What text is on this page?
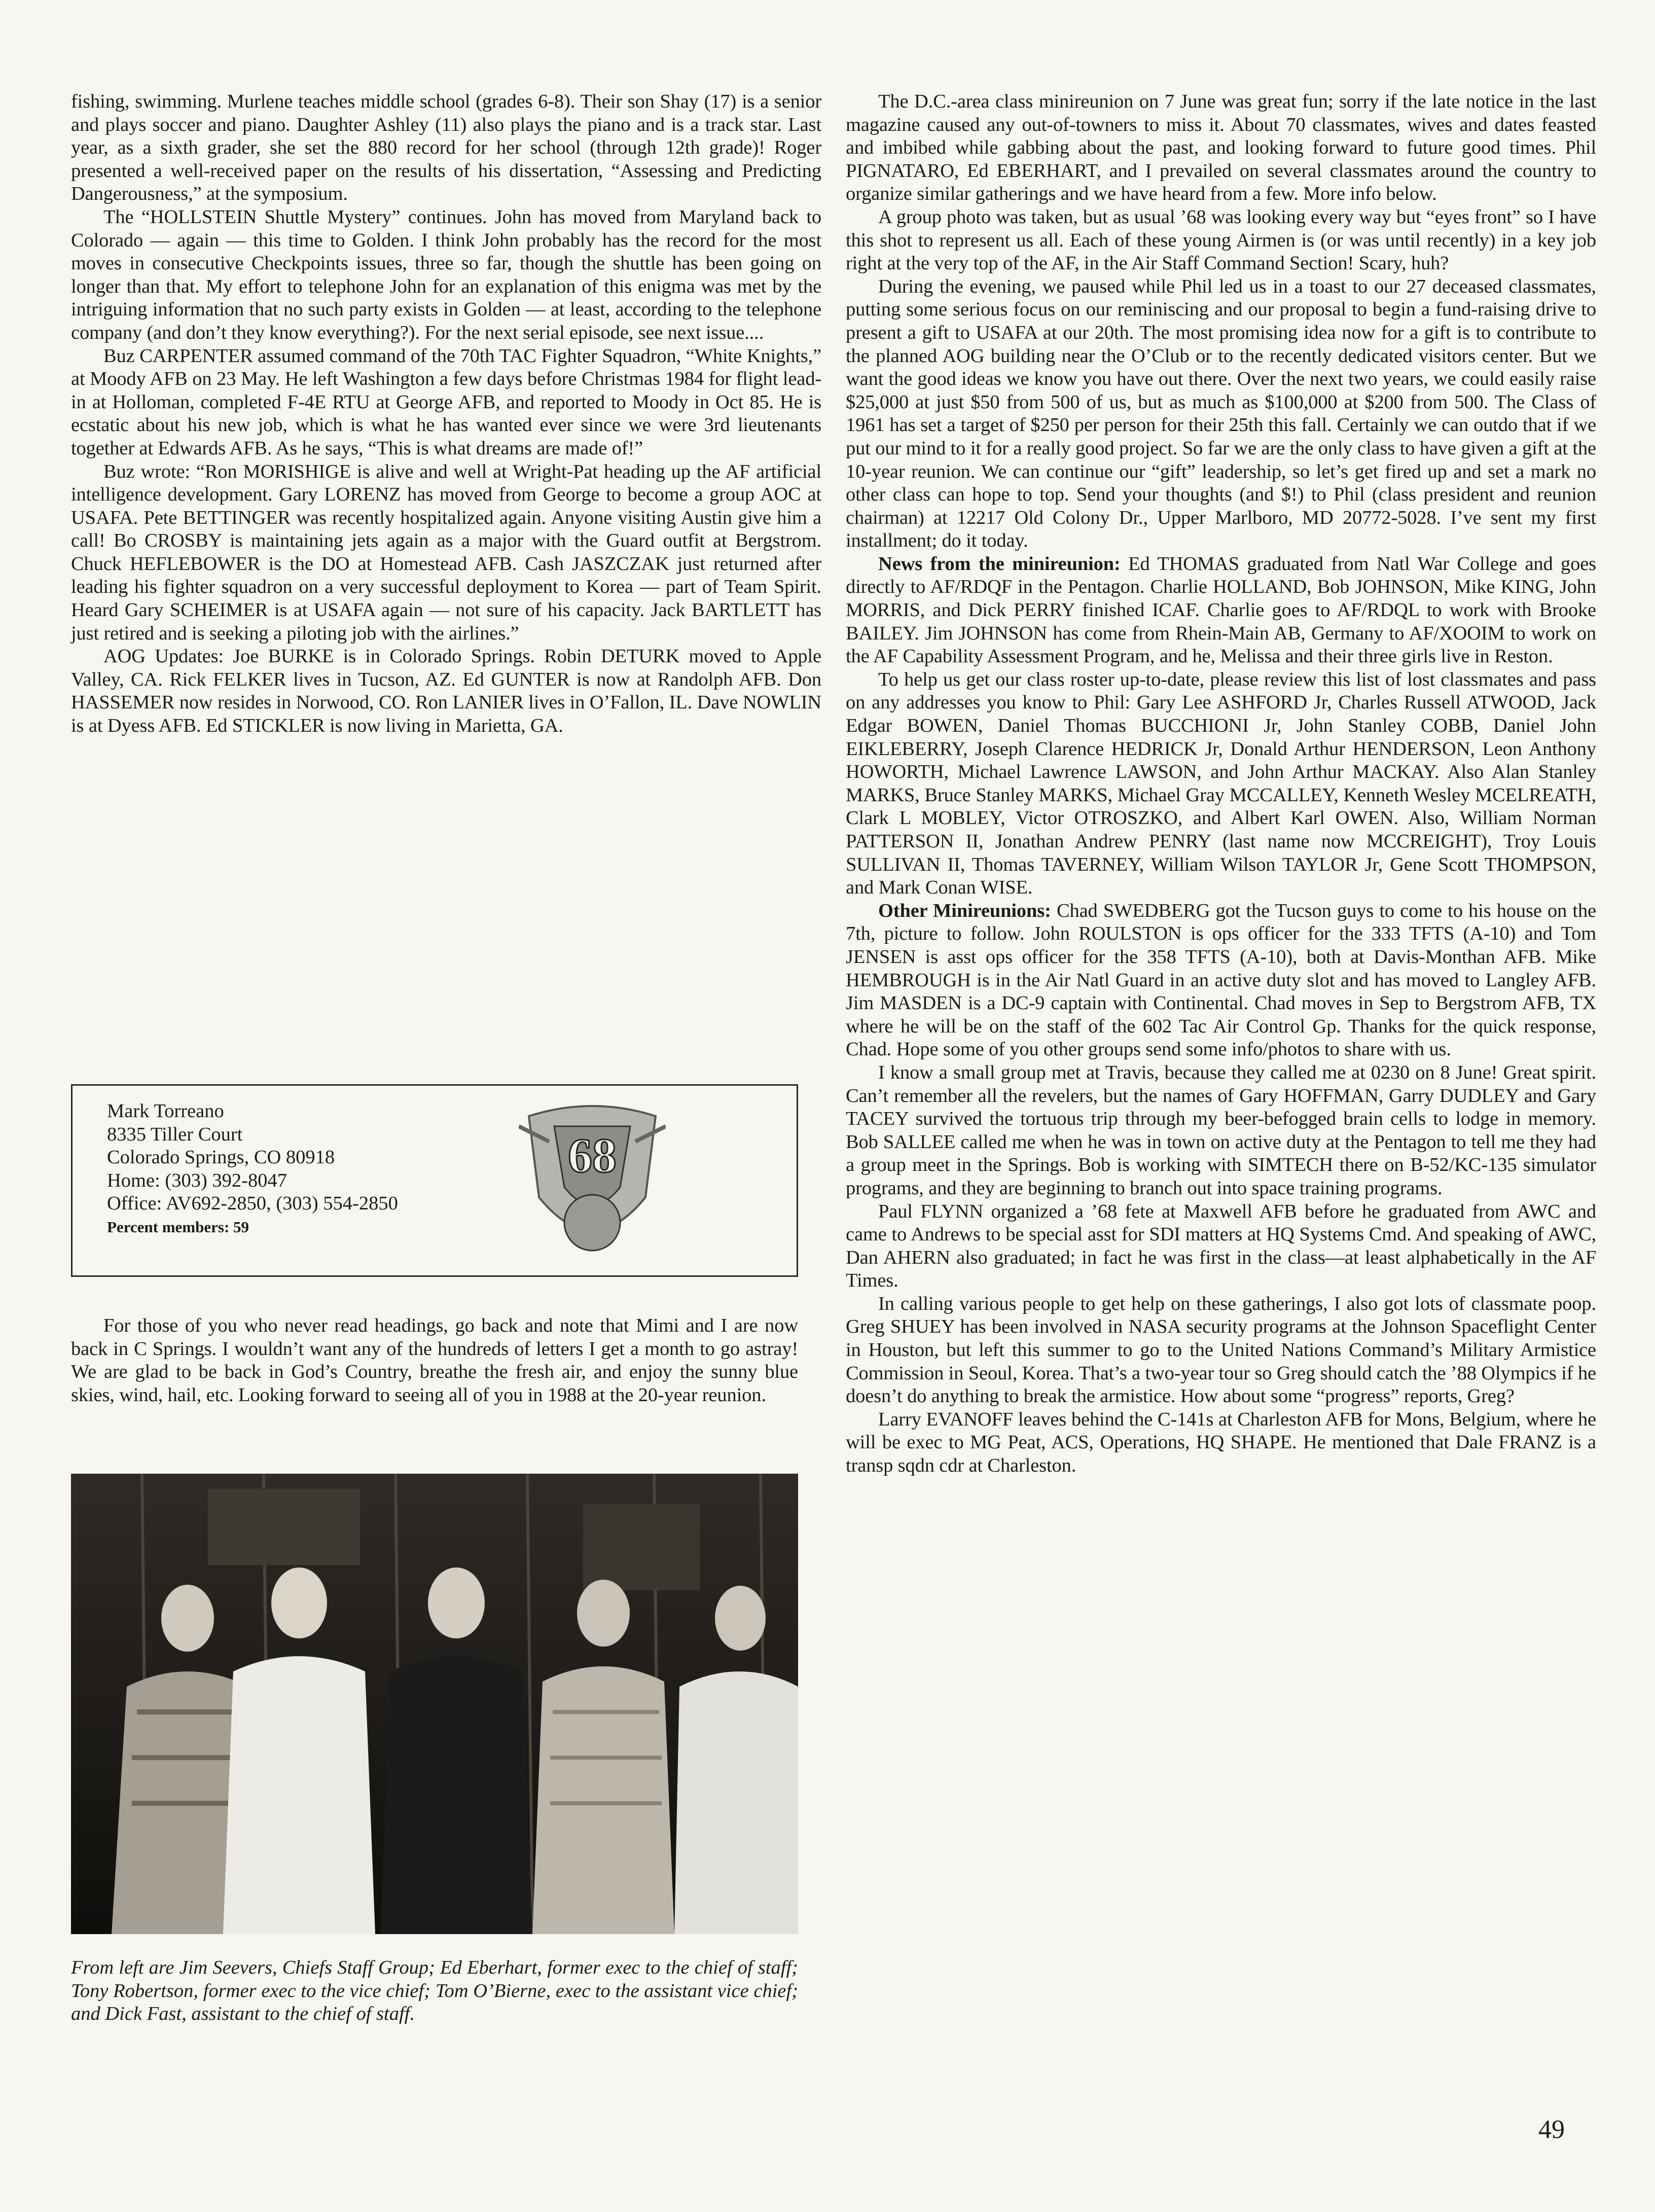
fishing, swimming. Murlene teaches middle school (grades 6-8). Their son Shay (17) is a senior and plays soccer and piano. Daughter Ashley (11) also plays the piano and is a track star. Last year, as a sixth grader, she set the 880 record for her school (through 12th grade)! Roger presented a well-received paper on the results of his dissertation, “Assessing and Predicting Dangerousness,” at the symposium.

The “HOLLSTEIN Shuttle Mystery” continues. John has moved from Maryland back to Colorado — again — this time to Golden. I think John probably has the record for the most moves in consecutive Checkpoints issues, three so far, though the shuttle has been going on longer than that. My effort to telephone John for an explanation of this enigma was met by the intriguing information that no such party exists in Golden — at least, according to the telephone company (and don’t they know everything?). For the next serial episode, see next issue....

Buz CARPENTER assumed command of the 70th TAC Fighter Squadron, “White Knights,” at Moody AFB on 23 May. He left Washington a few days before Christmas 1984 for flight lead-in at Holloman, completed F-4E RTU at George AFB, and reported to Moody in Oct 85. He is ecstatic about his new job, which is what he has wanted ever since we were 3rd lieutenants together at Edwards AFB. As he says, “This is what dreams are made of!”

Buz wrote: “Ron MORISHIGE is alive and well at Wright-Pat heading up the AF artificial intelligence development. Gary LORENZ has moved from George to become a group AOC at USAFA. Pete BETTINGER was recently hospitalized again. Anyone visiting Austin give him a call! Bo CROSBY is maintaining jets again as a major with the Guard outfit at Bergstrom. Chuck HEFLEBOWER is the DO at Homestead AFB. Cash JASZCZAK just returned after leading his fighter squadron on a very successful deployment to Korea — part of Team Spirit. Heard Gary SCHEIMER is at USAFA again — not sure of his capacity. Jack BARTLETT has just retired and is seeking a piloting job with the airlines.”

AOG Updates: Joe BURKE is in Colorado Springs. Robin DETURK moved to Apple Valley, CA. Rick FELKER lives in Tucson, AZ. Ed GUNTER is now at Randolph AFB. Don HASSEMER now resides in Norwood, CO. Ron LANIER lives in O’Fallon, IL. Dave NOWLIN is at Dyess AFB. Ed STICKLER is now living in Marietta, GA.

Mark Torreano
8335 Tiller Court
Colorado Springs, CO 80918
Home: (303) 392-8047
Office: AV692-2850, (303) 554-2850
Percent members: 59
68

For those of you who never read headings, go back and note that Mimi and I are now back in C Springs. I wouldn’t want any of the hundreds of letters I get a month to go astray! We are glad to be back in God’s Country, breathe the fresh air, and enjoy the sunny blue skies, wind, hail, etc. Looking forward to seeing all of you in 1988 at the 20-year reunion.

From left are Jim Seevers, Chiefs Staff Group; Ed Eberhart, former exec to the chief of staff; Tony Robertson, former exec to the vice chief; Tom O’Bierne, exec to the assistant vice chief; and Dick Fast, assistant to the chief of staff.

The D.C.-area class minireunion on 7 June was great fun; sorry if the late notice in the last magazine caused any out-of-towners to miss it. About 70 classmates, wives and dates feasted and imbibed while gabbing about the past, and looking forward to future good times. Phil PIGNATARO, Ed EBERHART, and I prevailed on several classmates around the country to organize similar gatherings and we have heard from a few. More info below.

A group photo was taken, but as usual ’68 was looking every way but “eyes front” so I have this shot to represent us all. Each of these young Airmen is (or was until recently) in a key job right at the very top of the AF, in the Air Staff Command Section! Scary, huh?

During the evening, we paused while Phil led us in a toast to our 27 deceased classmates, putting some serious focus on our reminiscing and our proposal to begin a fund-raising drive to present a gift to USAFA at our 20th. The most promising idea now for a gift is to contribute to the planned AOG building near the O’Club or to the recently dedicated visitors center. But we want the good ideas we know you have out there. Over the next two years, we could easily raise $25,000 at just $50 from 500 of us, but as much as $100,000 at $200 from 500. The Class of 1961 has set a target of $250 per person for their 25th this fall. Certainly we can outdo that if we put our mind to it for a really good project. So far we are the only class to have given a gift at the 10-year reunion. We can continue our “gift” leadership, so let’s get fired up and set a mark no other class can hope to top. Send your thoughts (and $!) to Phil (class president and reunion chairman) at 12217 Old Colony Dr., Upper Marlboro, MD 20772-5028. I’ve sent my first installment; do it today.

News from the minireunion: Ed THOMAS graduated from Natl War College and goes directly to AF/RDQF in the Pentagon. Charlie HOLLAND, Bob JOHNSON, Mike KING, John MORRIS, and Dick PERRY finished ICAF. Charlie goes to AF/RDQL to work with Brooke BAILEY. Jim JOHNSON has come from Rhein-Main AB, Germany to AF/XOOIM to work on the AF Capability Assessment Program, and he, Melissa and their three girls live in Reston.

To help us get our class roster up-to-date, please review this list of lost classmates and pass on any addresses you know to Phil: Gary Lee ASHFORD Jr, Charles Russell ATWOOD, Jack Edgar BOWEN, Daniel Thomas BUCCHIONI Jr, John Stanley COBB, Daniel John EIKLEBERRY, Joseph Clarence HEDRICK Jr, Donald Arthur HENDERSON, Leon Anthony HOWORTH, Michael Lawrence LAWSON, and John Arthur MACKAY. Also Alan Stanley MARKS, Bruce Stanley MARKS, Michael Gray MCCALLEY, Kenneth Wesley MCELREATH, Clark L MOBLEY, Victor OTROSZKO, and Albert Karl OWEN. Also, William Norman PATTERSON II, Jonathan Andrew PENRY (last name now MCCREIGHT), Troy Louis SULLIVAN II, Thomas TAVERNEY, William Wilson TAYLOR Jr, Gene Scott THOMPSON, and Mark Conan WISE.

Other Minireunions: Chad SWEDBERG got the Tucson guys to come to his house on the 7th, picture to follow. John ROULSTON is ops officer for the 333 TFTS (A-10) and Tom JENSEN is asst ops officer for the 358 TFTS (A-10), both at Davis-Monthan AFB. Mike HEMBROUGH is in the Air Natl Guard in an active duty slot and has moved to Langley AFB. Jim MASDEN is a DC-9 captain with Continental. Chad moves in Sep to Bergstrom AFB, TX where he will be on the staff of the 602 Tac Air Control Gp. Thanks for the quick response, Chad. Hope some of you other groups send some info/photos to share with us.

I know a small group met at Travis, because they called me at 0230 on 8 June! Great spirit. Can’t remember all the revelers, but the names of Gary HOFFMAN, Garry DUDLEY and Gary TACEY survived the tortuous trip through my beer-befogged brain cells to lodge in memory. Bob SALLEE called me when he was in town on active duty at the Pentagon to tell me they had a group meet in the Springs. Bob is working with SIMTECH there on B-52/KC-135 simulator programs, and they are beginning to branch out into space training programs.

Paul FLYNN organized a ’68 fete at Maxwell AFB before he graduated from AWC and came to Andrews to be special asst for SDI matters at HQ Systems Cmd. And speaking of AWC, Dan AHERN also graduated; in fact he was first in the class—at least alphabetically in the AF Times.

In calling various people to get help on these gatherings, I also got lots of classmate poop. Greg SHUEY has been involved in NASA security programs at the Johnson Spaceflight Center in Houston, but left this summer to go to the United Nations Command’s Military Armistice Commission in Seoul, Korea. That’s a two-year tour so Greg should catch the ’88 Olympics if he doesn’t do anything to break the armistice. How about some “progress” reports, Greg?

Larry EVANOFF leaves behind the C-141s at Charleston AFB for Mons, Belgium, where he will be exec to MG Peat, ACS, Operations, HQ SHAPE. He mentioned that Dale FRANZ is a transp sqdn cdr at Charleston.

49
